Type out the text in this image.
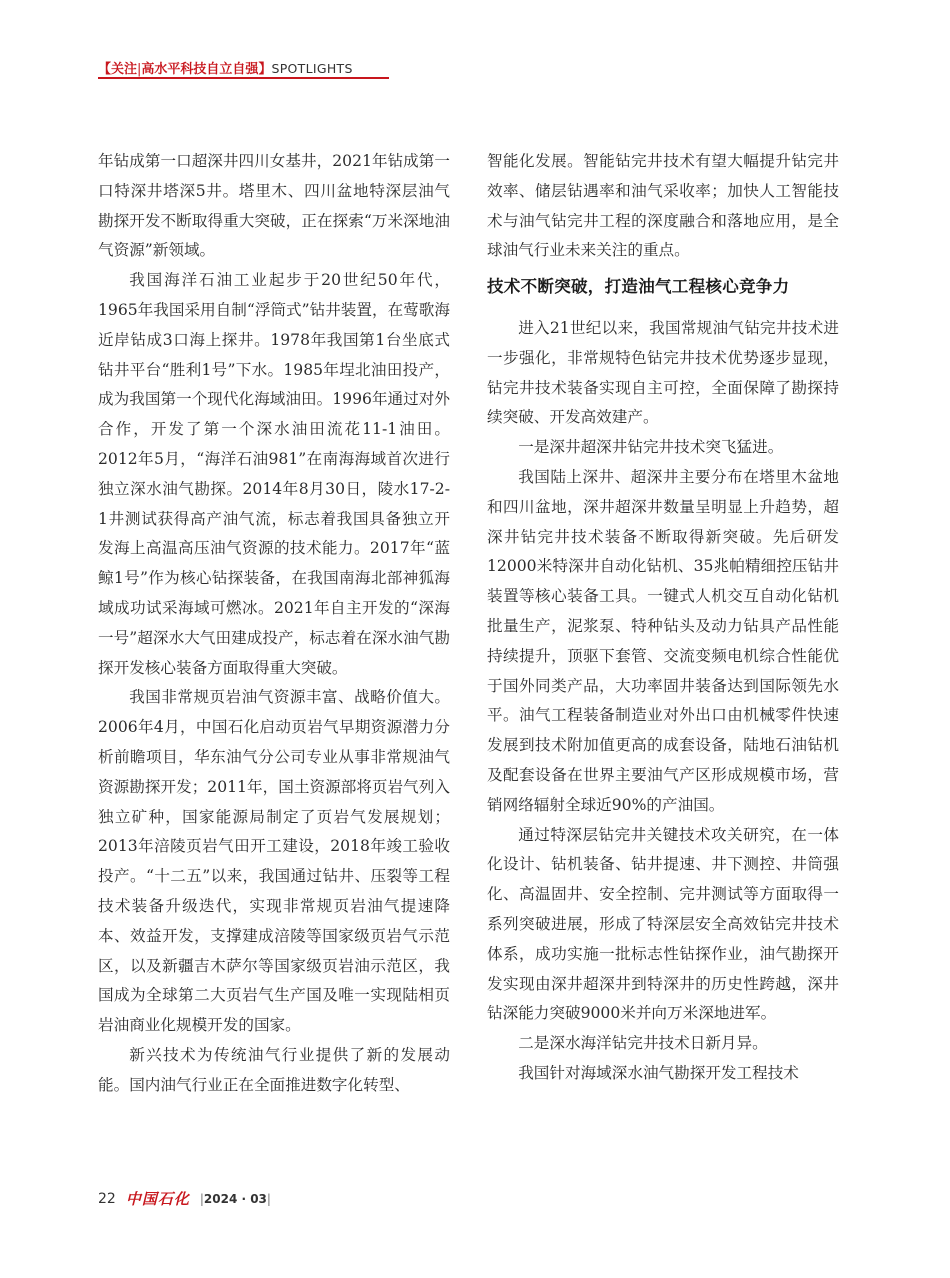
【关注|高水平科技自立自强】SPOTLIGHTS

年钻成第一口超深井四川女基井，2021年钻成第一口特深井塔深5井。塔里木、四川盆地特深层油气勘探开发不断取得重大突破，正在探索“万米深地油气资源”新领域。

我国海洋石油工业起步于20世纪50年代，1965年我国采用自制“浮筒式”钻井装置，在莺歌海近岸钻成3口海上探井。1978年我国第1台坐底式钻井平台“胜利1号”下水。1985年埕北油田投产，成为我国第一个现代化海域油田。1996年通过对外合作，开发了第一个深水油田流花11-1油田。2012年5月，“海洋石油981”在南海海域首次进行独立深水油气勘探。2014年8月30日，陵水17-2-1井测试获得高产油气流，标志着我国具备独立开发海上高温高压油气资源的技术能力。2017年“蓝鲸1号”作为核心钻探装备，在我国南海北部神狐海域成功试采海域可燃冰。2021年自主开发的“深海一号”超深水大气田建成投产，标志着在深水油气勘探开发核心装备方面取得重大突破。

我国非常规页岩油气资源丰富、战略价值大。2006年4月，中国石化启动页岩气早期资源潜力分析前瞻项目，华东油气分公司专业从事非常规油气资源勘探开发；2011年，国土资源部将页岩气列入独立矿种，国家能源局制定了页岩气发展规划；2013年涪陵页岩气田开工建设，2018年竣工验收投产。“十二五”以来，我国通过钻井、压裂等工程技术装备升级迭代，实现非常规页岩油气提速降本、效益开发，支撑建成涪陵等国家级页岩气示范区，以及新疆吉木萨尔等国家级页岩油示范区，我国成为全球第二大页岩气生产国及唯一实现陆相页岩油商业化规模开发的国家。

新兴技术为传统油气行业提供了新的发展动能。国内油气行业正在全面推进数字化转型、

智能化发展。智能钻完井技术有望大幅提升钻完井效率、储层钻遇率和油气采收率；加快人工智能技术与油气钻完井工程的深度融合和落地应用，是全球油气行业未来关注的重点。

技术不断突破，打造油气工程核心竞争力

进入21世纪以来，我国常规油气钻完井技术进一步强化，非常规特色钻完井技术优势逐步显现，钻完井技术装备实现自主可控，全面保障了勘探持续突破、开发高效建产。

一是深井超深井钻完井技术突飞猛进。

我国陆上深井、超深井主要分布在塔里木盆地和四川盆地，深井超深井数量呈明显上升趋势，超深井钻完井技术装备不断取得新突破。先后研发12000米特深井自动化钻机、35兆帕精细控压钻井装置等核心装备工具。一键式人机交互自动化钻机批量生产，泥浆泵、特种钻头及动力钻具产品性能持续提升，顶驱下套管、交流变频电机综合性能优于国外同类产品，大功率固井装备达到国际领先水平。油气工程装备制造业对外出口由机械零件快速发展到技术附加值更高的成套设备，陆地石油钻机及配套设备在世界主要油气产区形成规模市场，营销网络辐射全球近90%的产油国。

通过特深层钻完井关键技术攻关研究，在一体化设计、钻机装备、钻井提速、井下测控、井筒强化、高温固井、安全控制、完井测试等方面取得一系列突破进展，形成了特深层安全高效钻完井技术体系，成功实施一批标志性钻探作业，油气勘探开发实现由深井超深井到特深井的历史性跨越，深井钻深能力突破9000米并向万米深地进军。

二是深水海洋钻完井技术日新月异。

我国针对海域深水油气勘探开发工程技术

22 中国石化 |2024 · 03|
